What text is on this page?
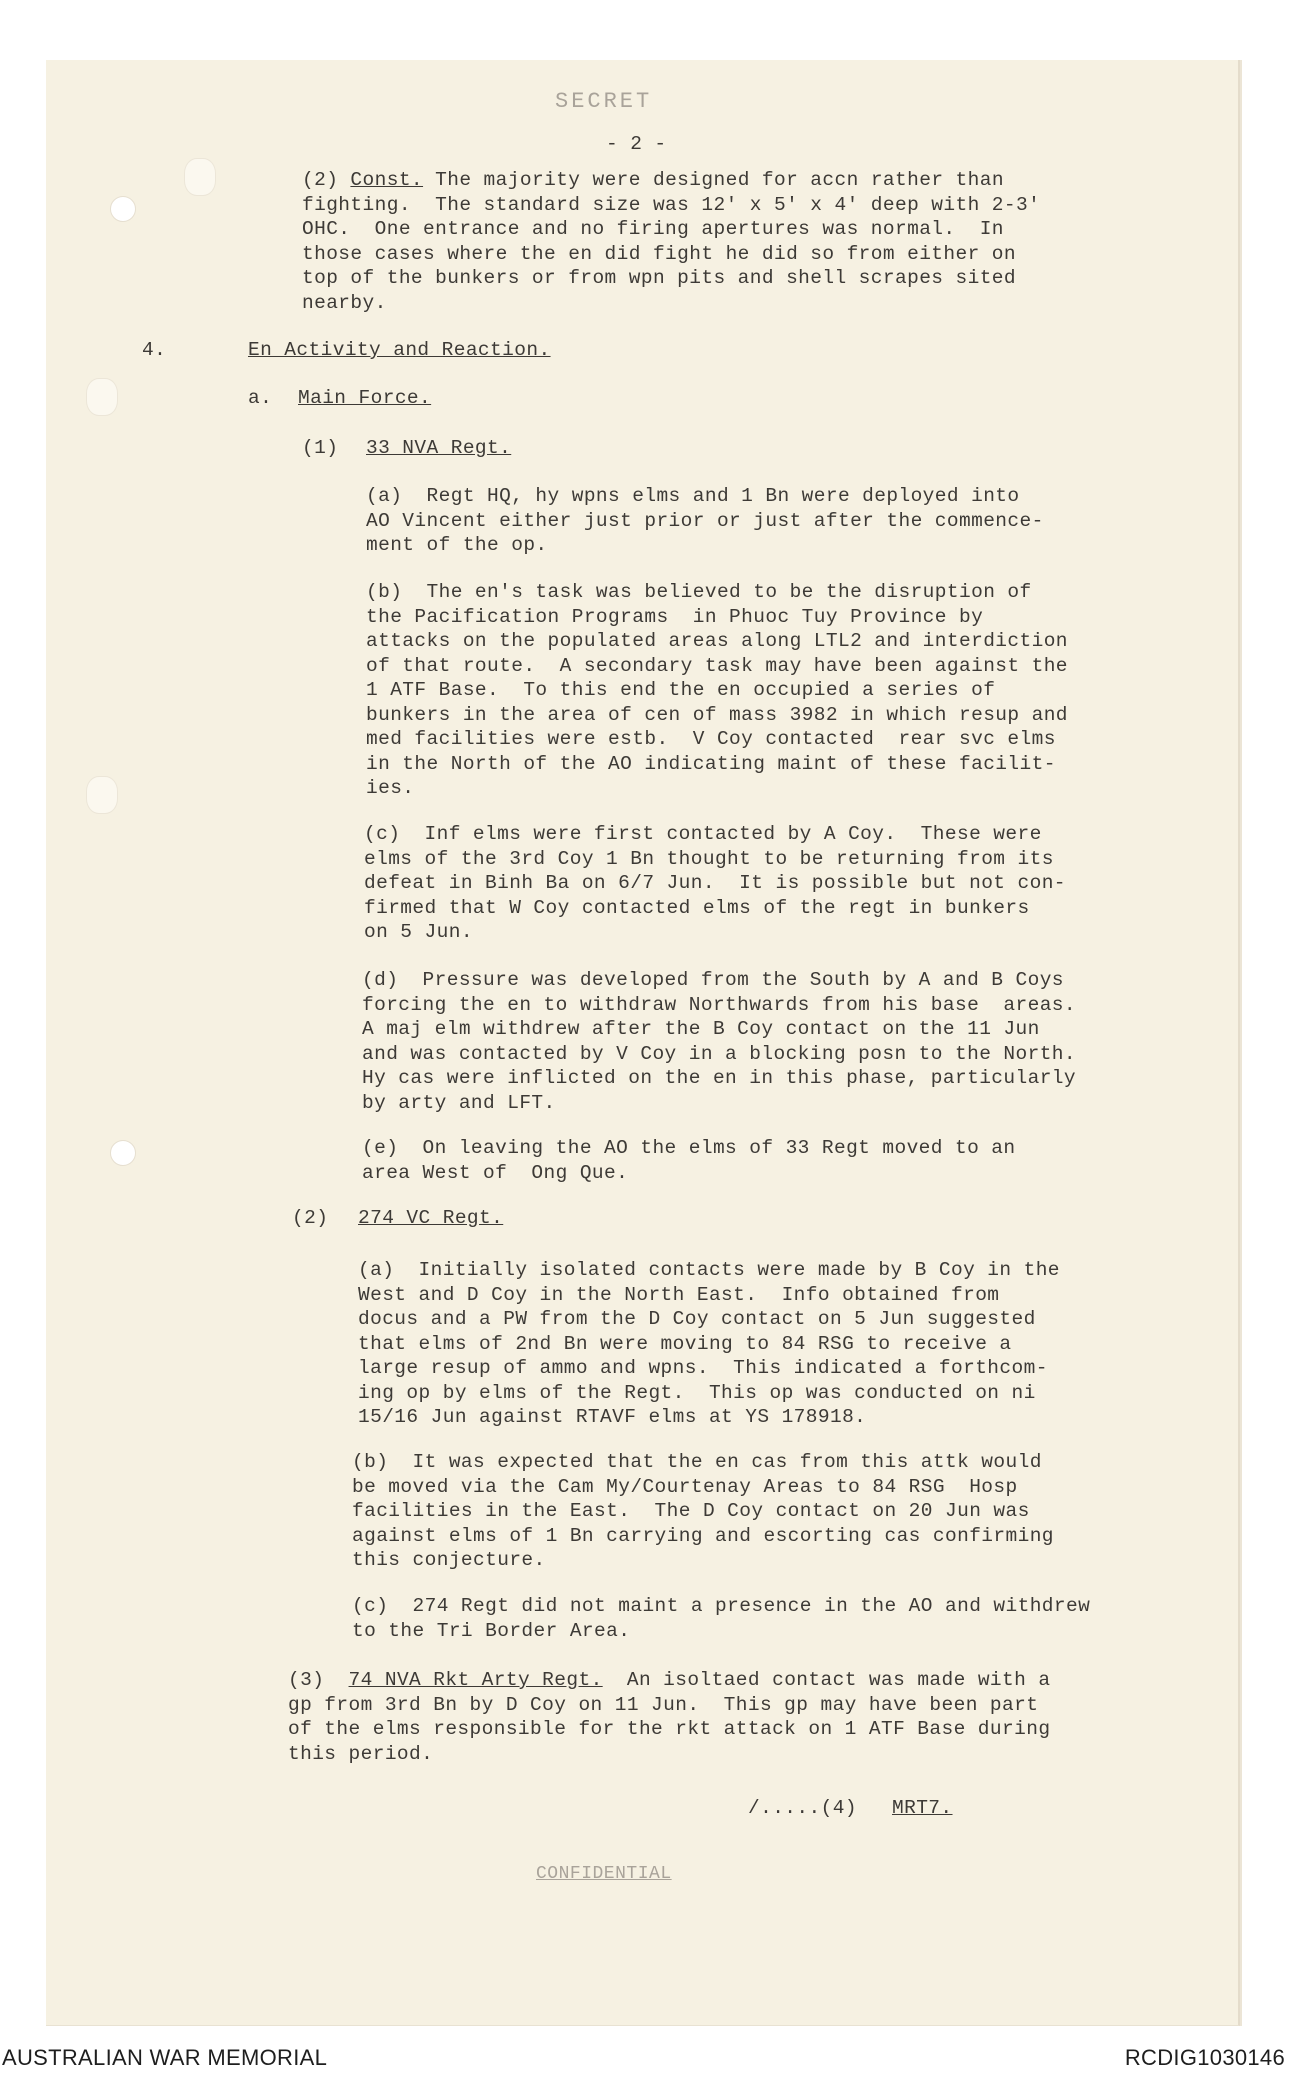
SECRET

- 2 -

(2) Const. The majority were designed for accn rather than

fighting.  The standard size was 12' x 5' x 4' deep with 2-3'

OHC.  One entrance and no firing apertures was normal.  In

those cases where the en did fight he did so from either on

top of the bunkers or from wpn pits and shell scrapes sited

nearby.

4.	En Activity and Reaction.

a. Main Force.

(1) 33 NVA Regt.

(a)  Regt HQ, hy wpns elms and 1 Bn were deployed into

AO Vincent either just prior or just after the commence-

ment of the op.

(b)  The en's task was believed to be the disruption of

the Pacification Programs  in Phuoc Tuy Province by

attacks on the populated areas along LTL2 and interdiction

of that route.  A secondary task may have been against the

1 ATF Base.  To this end the en occupied a series of

bunkers in the area of cen of mass 3982 in which resup and

med facilities were estb.  V Coy contacted  rear svc elms

in the North of the AO indicating maint of these facilit-

ies.

(c)  Inf elms were first contacted by A Coy.  These were

elms of the 3rd Coy 1 Bn thought to be returning from its

defeat in Binh Ba on 6/7 Jun.  It is possible but not con-

firmed that W Coy contacted elms of the regt in bunkers

on 5 Jun.

(d)  Pressure was developed from the South by A and B Coys

forcing the en to withdraw Northwards from his base  areas.

A maj elm withdrew after the B Coy contact on the 11 Jun

and was contacted by V Coy in a blocking posn to the North.

Hy cas were inflicted on the en in this phase, particularly

by arty and LFT.

(e)  On leaving the AO the elms of 33 Regt moved to an

area West of  Ong Que.

(2) 274 VC Regt.

(a)  Initially isolated contacts were made by B Coy in the

West and D Coy in the North East.  Info obtained from

docus and a PW from the D Coy contact on 5 Jun suggested

that elms of 2nd Bn were moving to 84 RSG to receive a

large resup of ammo and wpns.  This indicated a forthcom-

ing op by elms of the Regt.  This op was conducted on ni

15/16 Jun against RTAVF elms at YS 178918.

(b)  It was expected that the en cas from this attk would

be moved via the Cam My/Courtenay Areas to 84 RSG  Hosp

facilities in the East.  The D Coy contact on 20 Jun was

against elms of 1 Bn carrying and escorting cas confirming

this conjecture.

(c)  274 Regt did not maint a presence in the AO and withdrew

to the Tri Border Area.

(3) 74 NVA Rkt Arty Regt.  An isoltaed contact was made with a

gp from 3rd Bn by D Coy on 11 Jun.  This gp may have been part

of the elms responsible for the rkt attack on 1 ATF Base during

this period.

/.....(4) MRT7.

CONFIDENTIAL

AUSTRALIAN WAR MEMORIAL	RCDIG1030146
